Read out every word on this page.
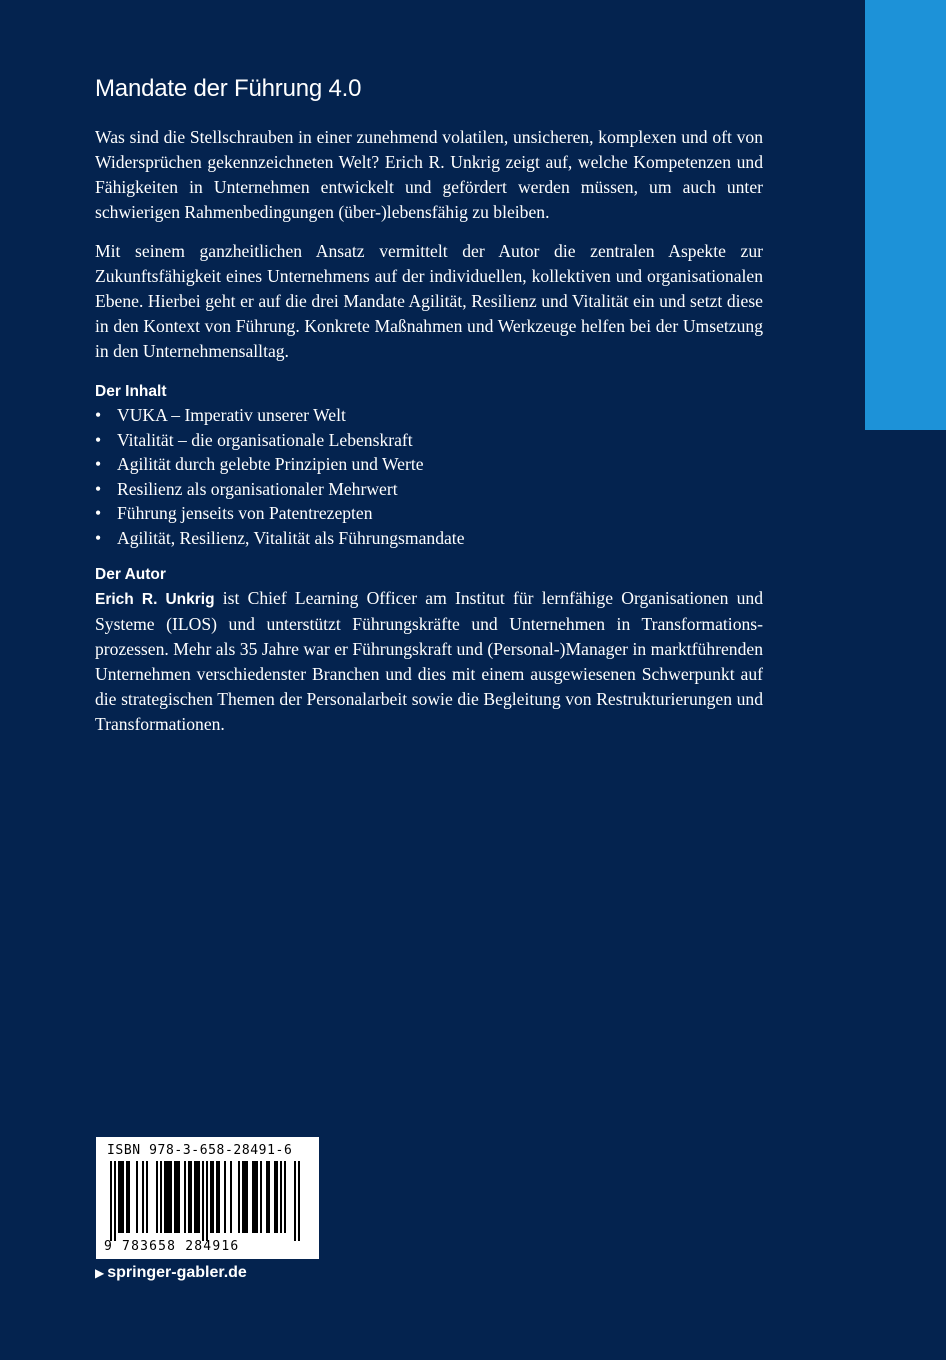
Mandate der Führung 4.0

Was sind die Stellschrauben in einer zunehmend volatilen, unsicheren, komplexen und oft von Widersprüchen gekennzeichneten Welt? Erich R. Unkrig zeigt auf, welche Kompetenzen und Fähigkeiten in Unternehmen entwickelt und gefördert werden müssen, um auch unter schwierigen Rahmenbedingungen (über-)lebensfähig zu bleiben.

Mit seinem ganzheitlichen Ansatz vermittelt der Autor die zentralen Aspekte zur Zukunftsfähigkeit eines Unternehmens auf der individuellen, kollektiven und organisationalen Ebene. Hierbei geht er auf die drei Mandate Agilität, Resilienz und Vitalität ein und setzt diese in den Kontext von Führung. Konkrete Maßnahmen und Werkzeuge helfen bei der Umsetzung in den Unternehmensalltag.

Der Inhalt
• VUKA – Imperativ unserer Welt
• Vitalität – die organisationale Lebenskraft
• Agilität durch gelebte Prinzipien und Werte
• Resilienz als organisationaler Mehrwert
• Führung jenseits von Patentrezepten
• Agilität, Resilienz, Vitalität als Führungsmandate
Der Autor

Erich R. Unkrig ist Chief Learning Officer am Institut für lernfähige Organisationen und Systeme (ILOS) und unterstützt Führungskräfte und Unternehmen in Transformationsprozessen. Mehr als 35 Jahre war er Führungskraft und (Personal-)Manager in marktführenden Unternehmen verschiedenster Branchen und dies mit einem ausgewiesenen Schwerpunkt auf die strategischen Themen der Personalarbeit sowie die Begleitung von Restrukturierungen und Transformationen.

ISBN 978-3-658-28491-6
9 783658 284916
▶ springer-gabler.de
